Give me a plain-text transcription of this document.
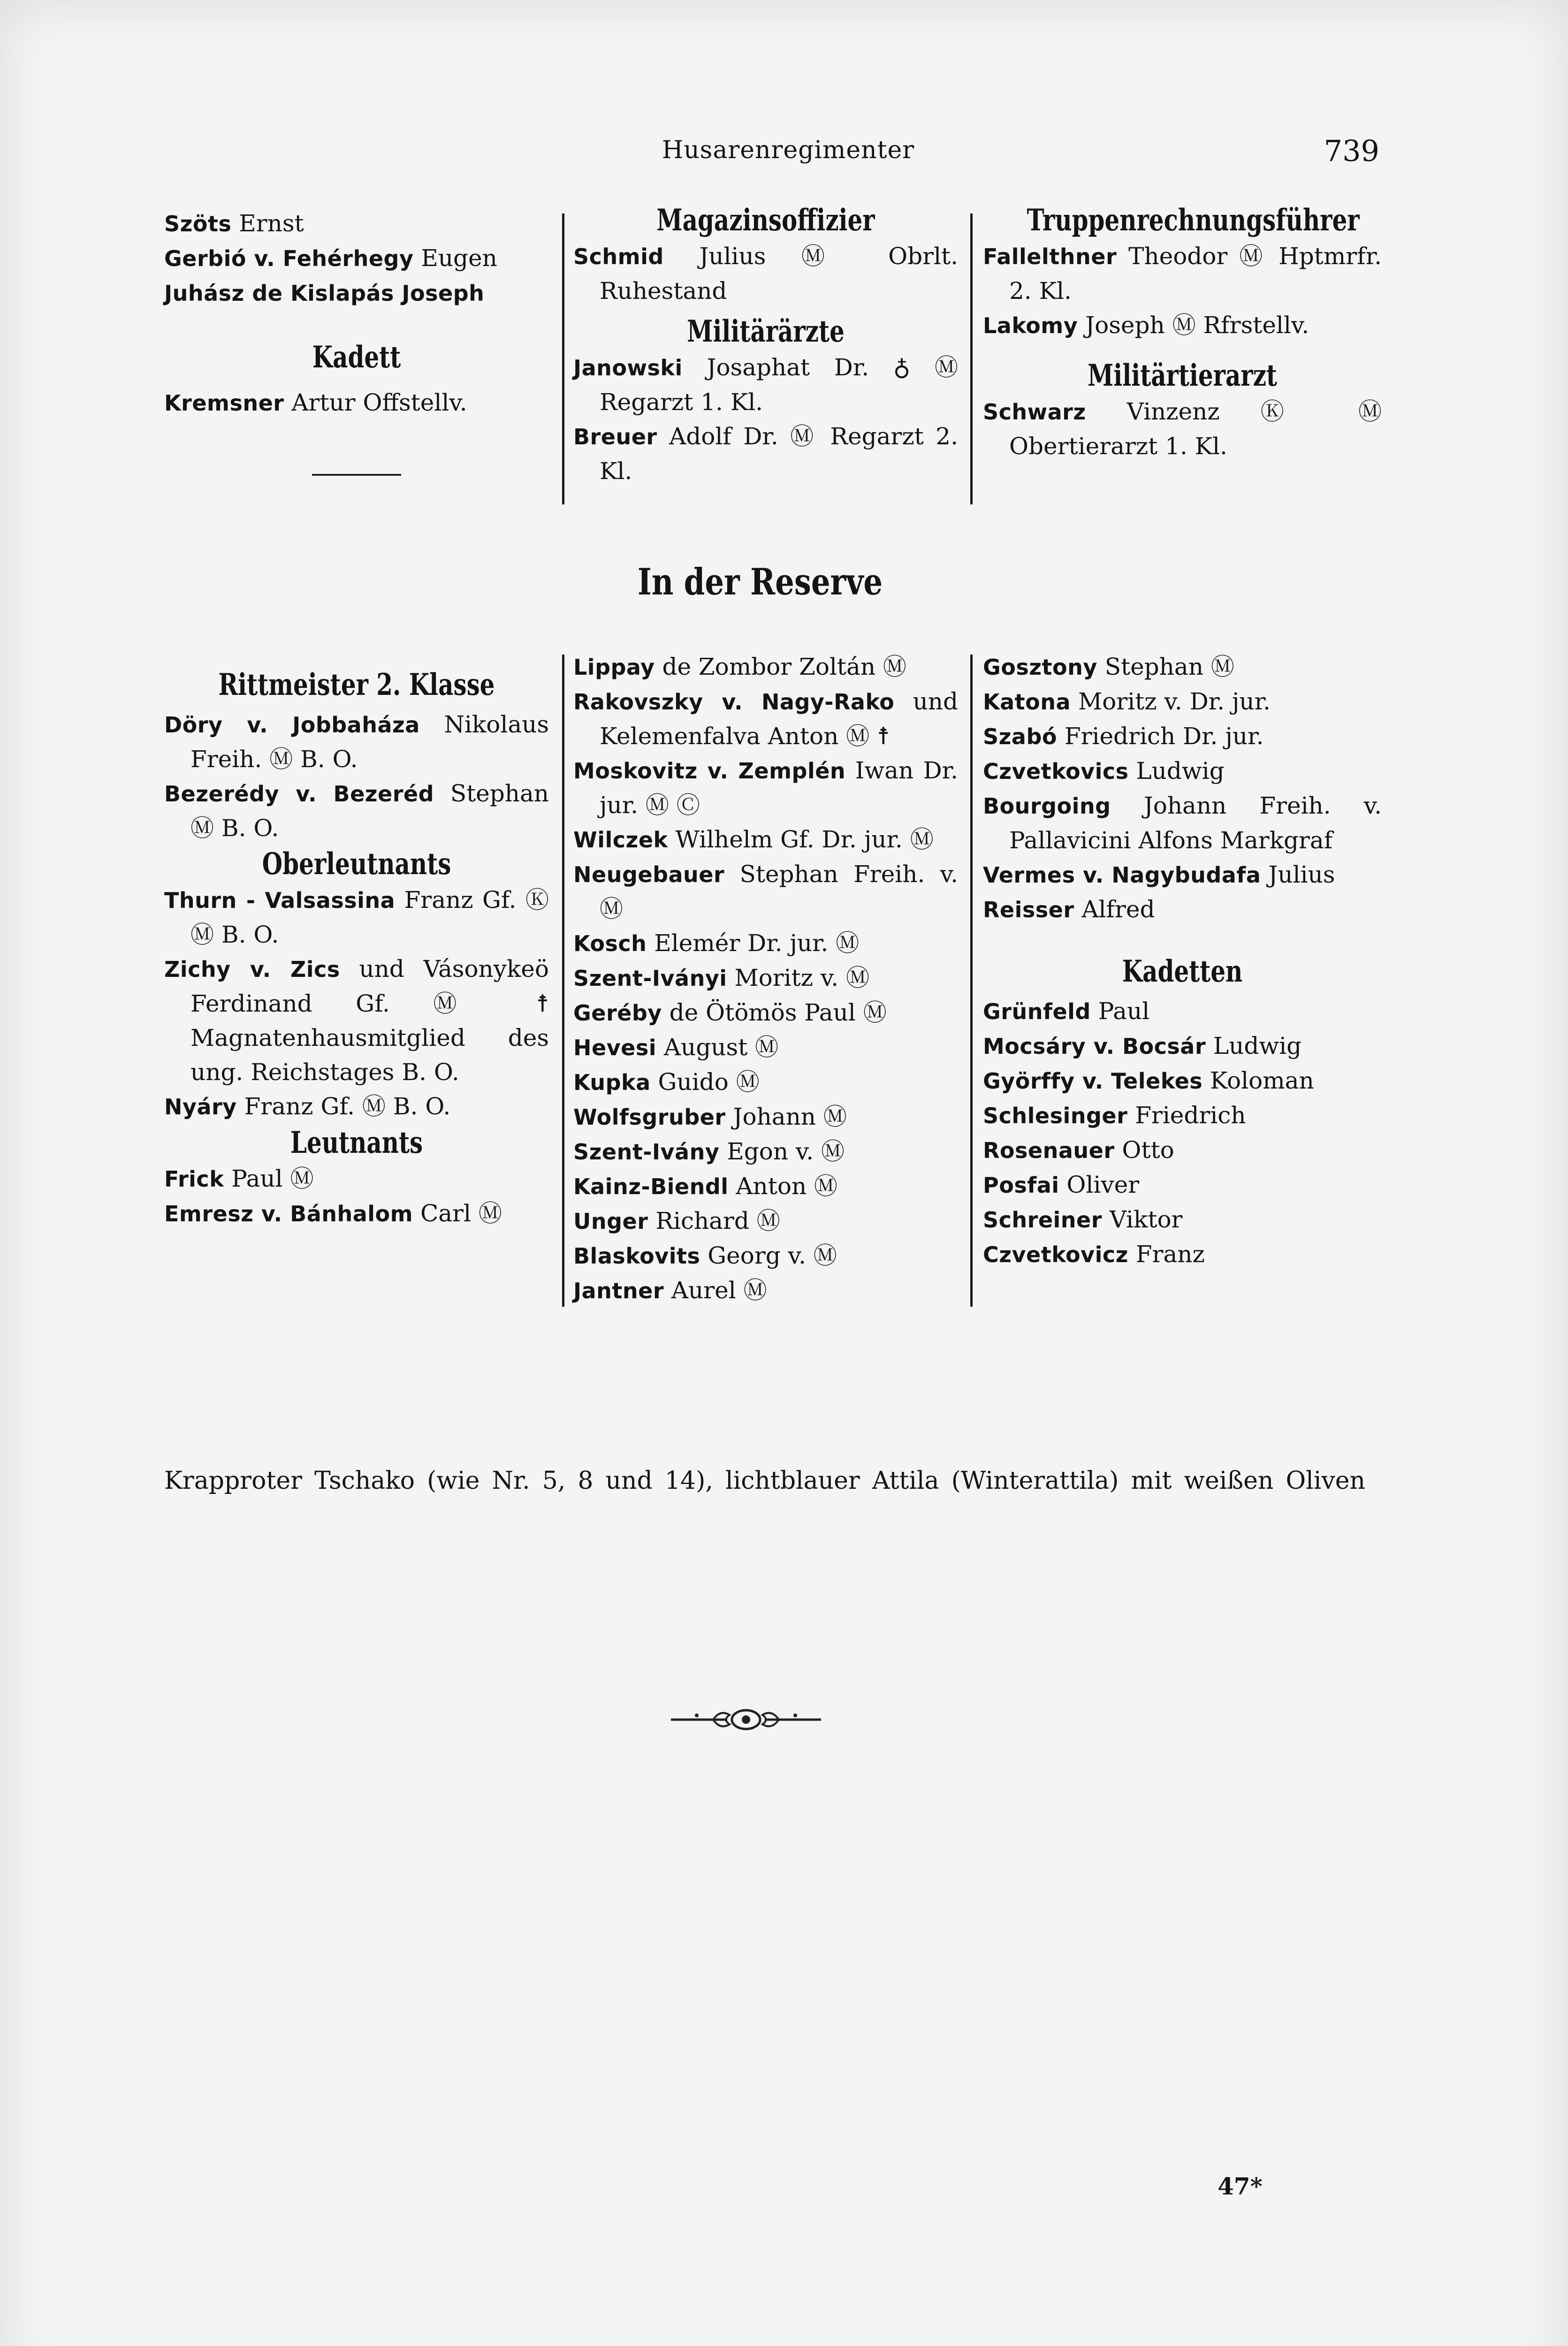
Husarenregimenter	739

Szöts Ernst

Gerbió v. Fehérhegy Eugen

Juhász de Kislapás Joseph

Kadett

Kremsner Artur Offstellv.

Magazinsoffizier

Schmid Julius Ⓜ Obrlt. Ruhestand

Militärärzte

Janowski Josaphat Dr. ♁ Ⓜ Regarzt 1. Kl.

Breuer Adolf Dr. Ⓜ Regarzt 2. Kl.

Truppenrechnungsführer

Fallelthner Theodor Ⓜ Hptmrfr. 2. Kl.

Lakomy Joseph Ⓜ Rfrstellv.

Militärtierarzt

Schwarz Vinzenz Ⓚ Ⓜ Obertierarzt 1. Kl.

In der Reserve

Rittmeister 2. Klasse

Döry v. Jobbaháza Nikolaus Freih. Ⓜ B. O.

Bezerédy v. Bezeréd Stephan Ⓜ B. O.

Oberleutnants

Thurn - Valsassina Franz Gf. Ⓚ Ⓜ B. O.

Zichy v. Zics und Vásonykeö Ferdinand Gf. Ⓜ ☨ Magnatenhausmitglied des ung. Reichstages B. O.

Nyáry Franz Gf. Ⓜ B. O.

Leutnants

Frick Paul Ⓜ

Emresz v. Bánhalom Carl Ⓜ

Lippay de Zombor Zoltán Ⓜ

Rakovszky v. Nagy-Rako und Kelemenfalva Anton Ⓜ ☨

Moskovitz v. Zemplén Iwan Dr. jur. Ⓜ Ⓒ

Wilczek Wilhelm Gf. Dr. jur. Ⓜ

Neugebauer Stephan Freih. v. Ⓜ

Kosch Elemér Dr. jur. Ⓜ

Szent-Iványi Moritz v. Ⓜ

Geréby de Ötömös Paul Ⓜ

Hevesi August Ⓜ

Kupka Guido Ⓜ

Wolfsgruber Johann Ⓜ

Szent-Ivány Egon v. Ⓜ

Kainz-Biendl Anton Ⓜ

Unger Richard Ⓜ

Blaskovits Georg v. Ⓜ

Jantner Aurel Ⓜ

Gosztony Stephan Ⓜ

Katona Moritz v. Dr. jur.

Szabó Friedrich Dr. jur.

Czvetkovics Ludwig

Bourgoing Johann Freih. v. Pallavicini Alfons Markgraf

Vermes v. Nagybudafa Julius

Reisser Alfred

Kadetten

Grünfeld Paul

Mocsáry v. Bocsár Ludwig

Györffy v. Telekes Koloman

Schlesinger Friedrich

Rosenauer Otto

Posfai Oliver

Schreiner Viktor

Czvetkovicz Franz

Krapproter Tschako (wie Nr. 5, 8 und 14), lichtblauer Attila (Winterattila) mit weißen Oliven
47*
